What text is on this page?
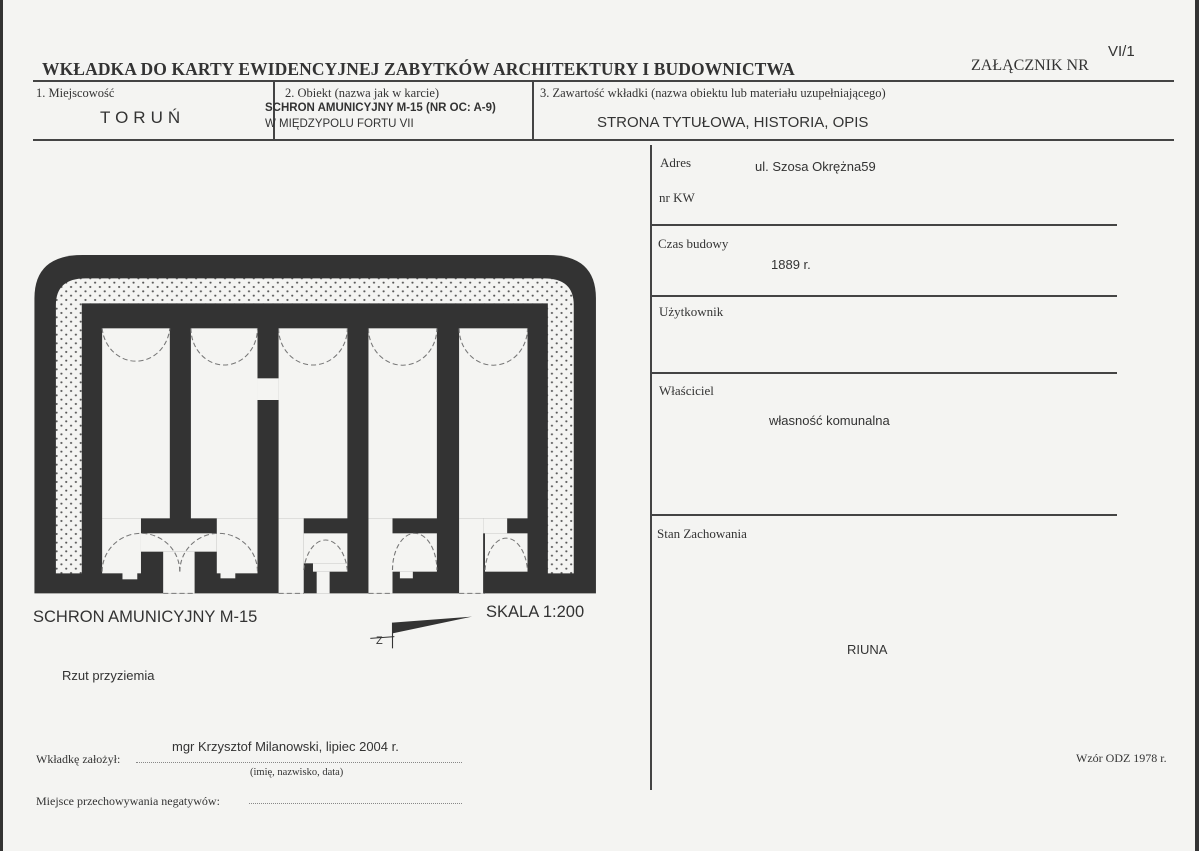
WKŁADKA DO KARTY EWIDENCYJNEJ ZABYTKÓW ARCHITEKTURY I BUDOWNICTWA	ZAŁĄCZNIK NR
VI/1
1. Miejscowość
TORUŃ
2. Obiekt (nazwa jak w karcie)
SCHRON AMUNICYJNY M-15 (NR OC: A-9)
W MIĘDZYPOLU FORTU VII
3. Zawartość wkładki (nazwa obiektu lub materiału uzupełniającego)
STRONA TYTUŁOWA, HISTORIA, OPIS
SCHRON AMUNICYJNY M-15	SKALA 1:200
Z
Rzut przyziemia
Adres	ul. Szosa Okrężna59
nr KW
Czas budowy
1889 r.
Użytkownik
Właściciel
własność komunalna
Stan Zachowania
RIUNA
Wzór ODZ 1978 r.
Wkładkę założył:
mgr Krzysztof Milanowski, lipiec 2004 r.
(imię, nazwisko, data)
Miejsce przechowywania negatywów:
